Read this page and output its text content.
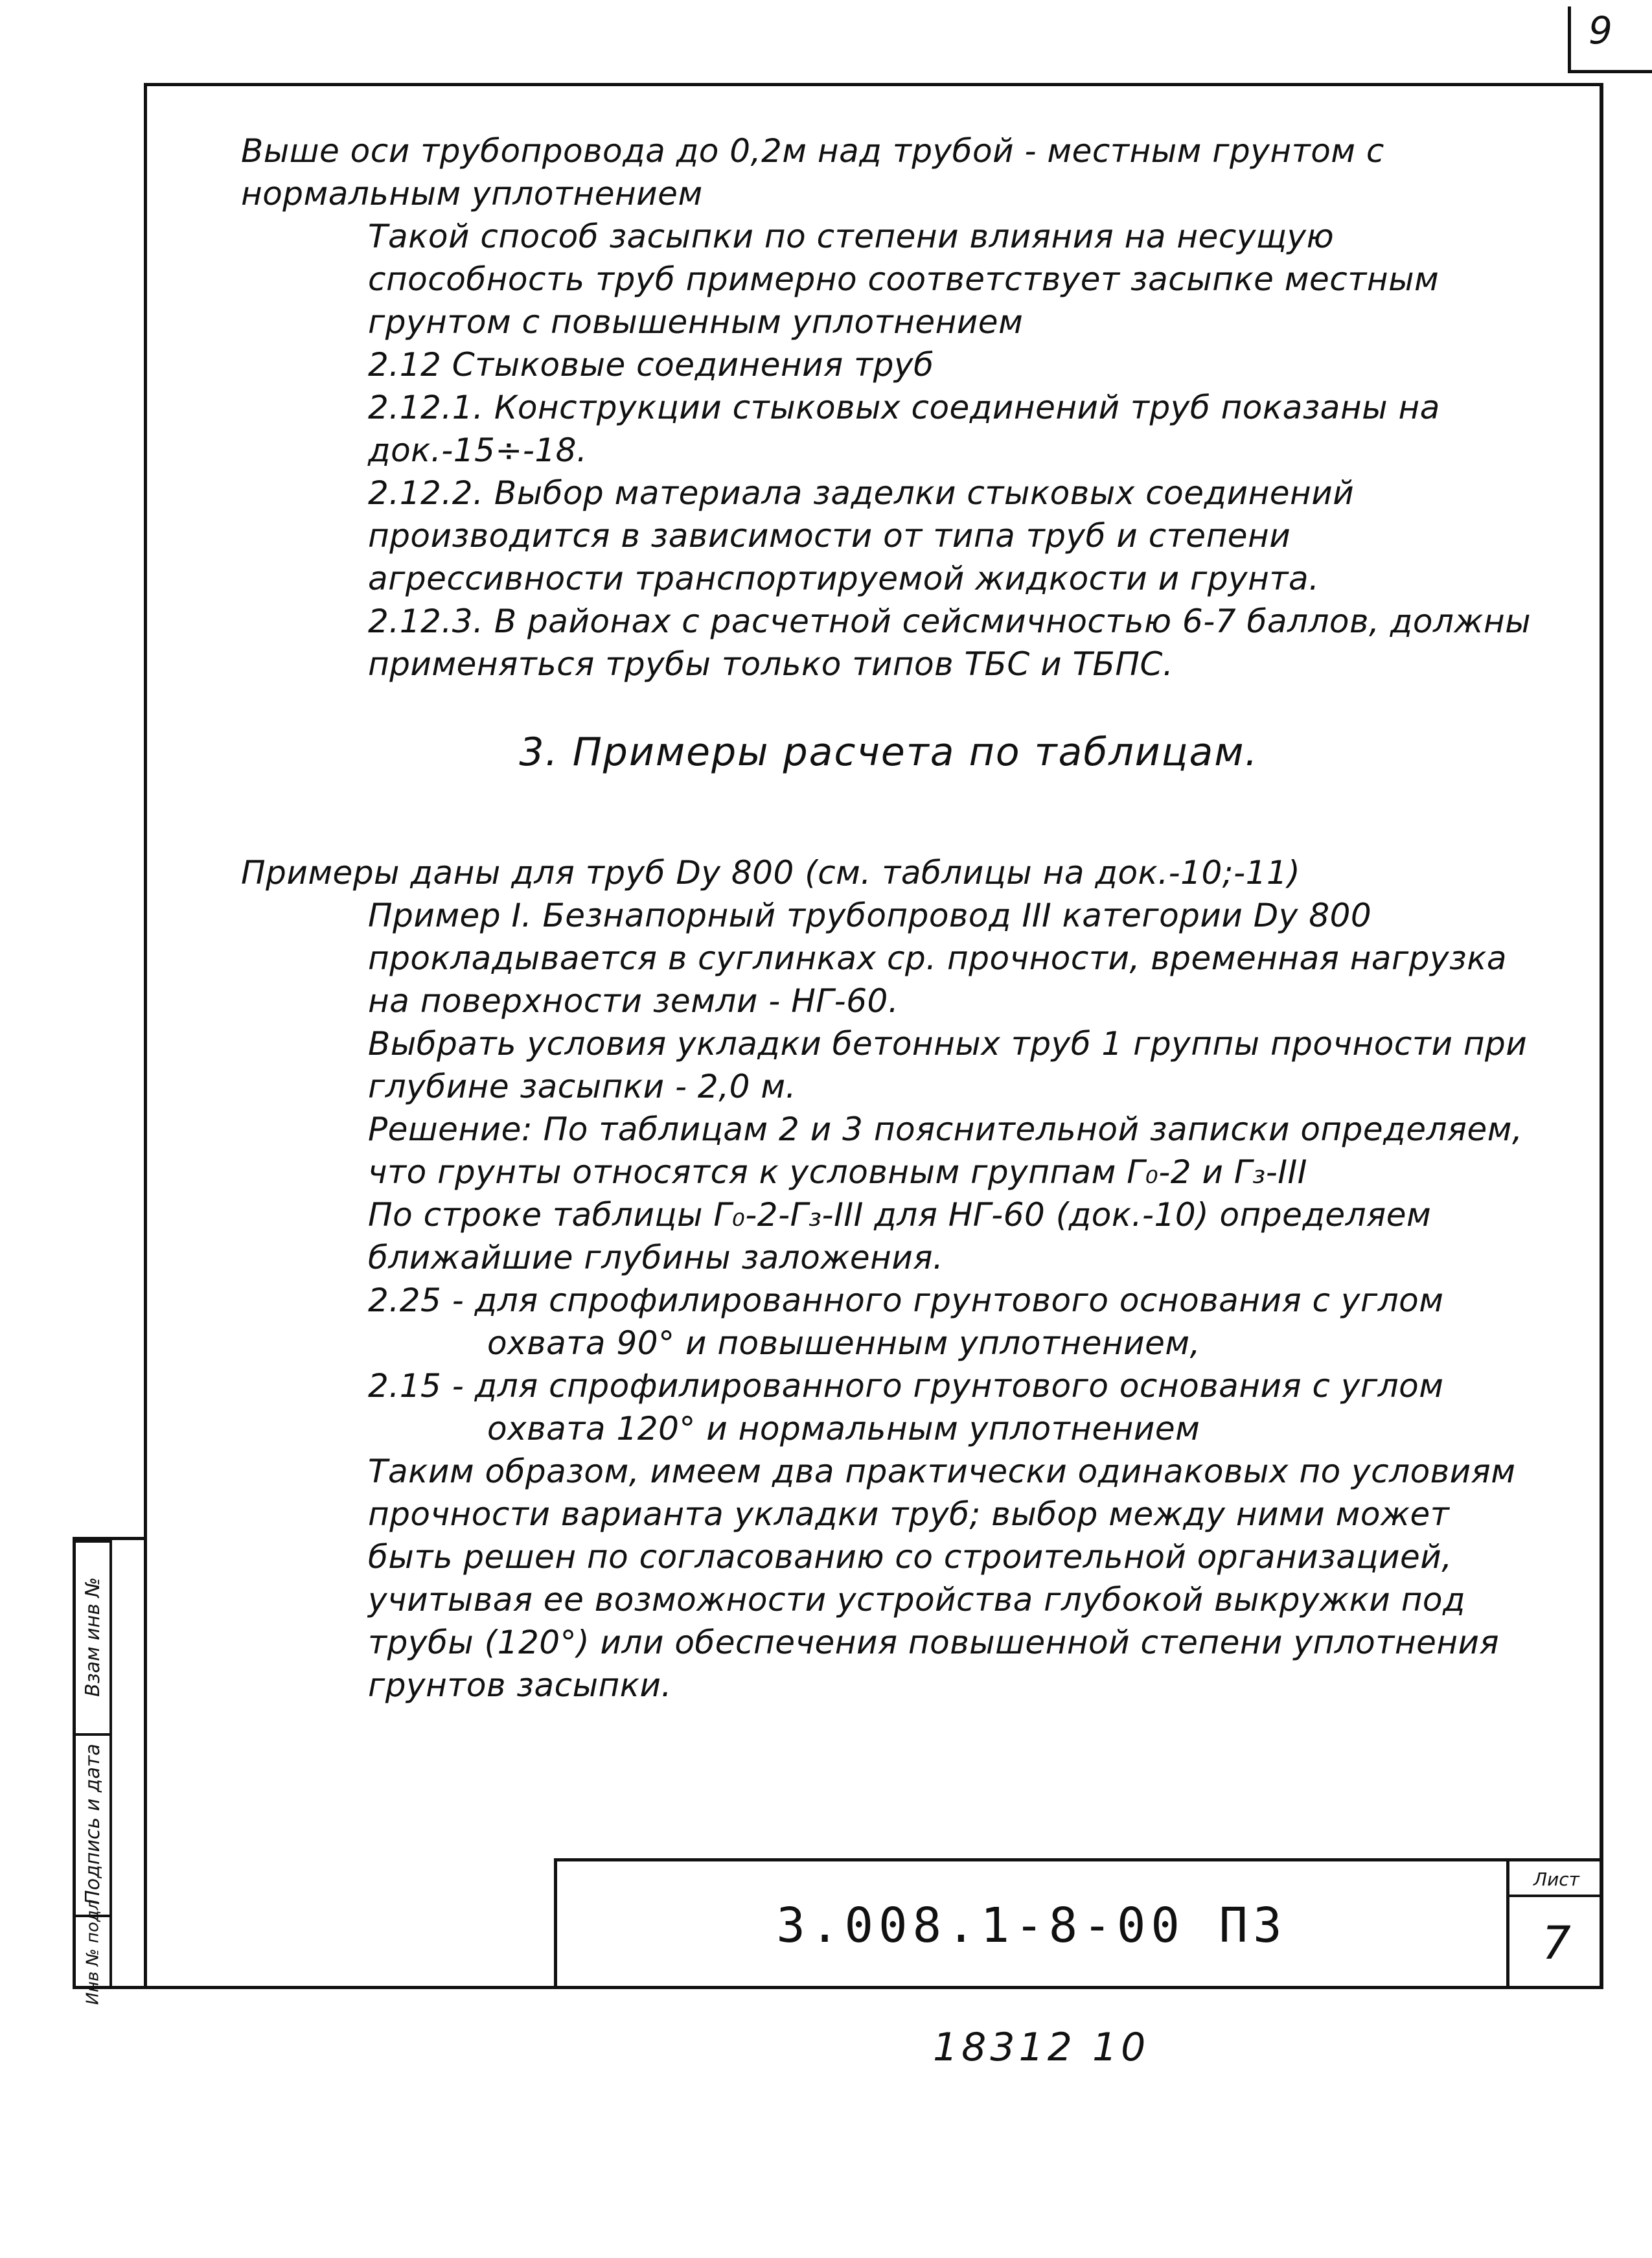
9
Взам инв №
Подпись и дата
Инв № подл

Выше оси трубопровода до 0,2м над трубой - местным грунтом с нормальным уплотнением

Такой способ засыпки по степени влияния на несущую способность труб примерно соответствует засыпке местным грунтом с повышенным уплотнением

2.12 Стыковые соединения труб

2.12.1. Конструкции стыковых соединений труб показаны на док.-15÷-18.

2.12.2. Выбор материала заделки стыковых соединений производится в зависимости от типа труб и степени агрессивности транспортируемой жидкости и грунта.

2.12.3. В районах с расчетной сейсмичностью 6-7 баллов, должны применяться трубы только типов ТБС и ТБПС.

3. Примеры расчета по таблицам.

Примеры даны для труб Dу 800 (см. таблицы на док.-10;-11)

Пример I. Безнапорный трубопровод III категории Dу 800 прокладывается в суглинках ср. прочности, временная нагрузка на поверхности земли - НГ-60.

Выбрать условия укладки бетонных труб 1 группы прочности при глубине засыпки - 2,0 м.

Решение: По таблицам 2 и 3 пояснительной записки определяем, что грунты относятся к условным группам Г₀-2 и Г₃-III

По строке таблицы Г₀-2-Г₃-III для НГ-60 (док.-10) определяем ближайшие глубины заложения.

2.25 - для спрофилированного грунтового основания с углом охвата 90° и повышенным уплотнением,

2.15 - для спрофилированного грунтового основания с углом охвата 120° и нормальным уплотнением

Таким образом, имеем два практически одинаковых по условиям прочности варианта укладки труб; выбор между ними может быть решен по согласованию со строительной организацией, учитывая ее возможности устройства глубокой выкружки под трубы (120°) или обеспечения повышенной степени уплотнения грунтов засыпки.

3.008.1-8-00 ПЗ
Лист
7
18312 10
